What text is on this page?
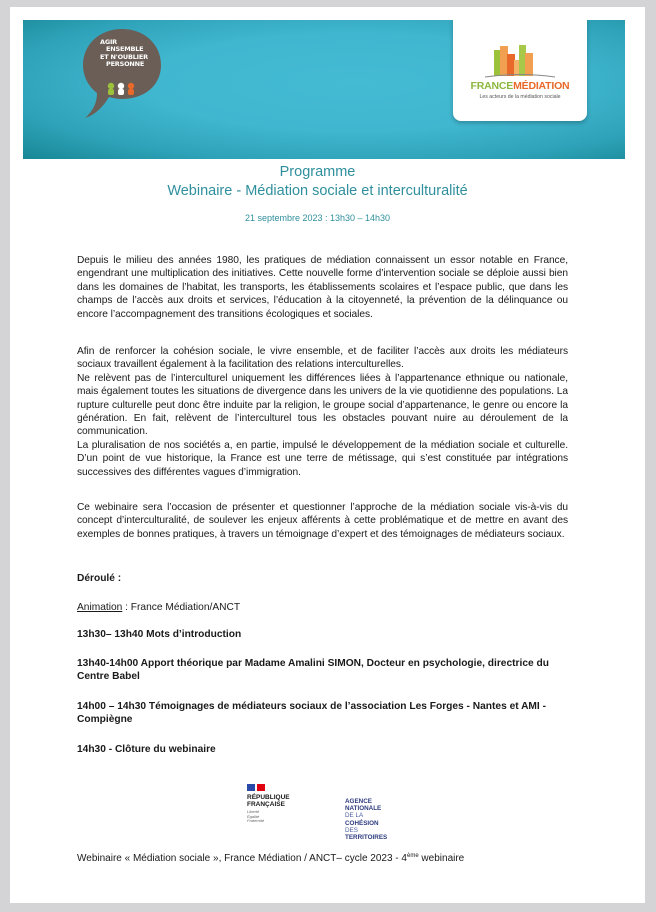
AGIR
ENSEMBLE
ET N'OUBLIER
PERSONNE
FRANCEMÉDIATION
Les acteurs de la médiation sociale
Programme
Webinaire - Médiation sociale et interculturalité
21 septembre 2023 : 13h30 – 14h30
Depuis le milieu des années 1980, les pratiques de médiation connaissent un essor notable en France, engendrant une multiplication des initiatives. Cette nouvelle forme d’intervention sociale se déploie aussi bien dans les domaines de l’habitat, les transports, les établissements scolaires et l’espace public, que dans les champs de l’accès aux droits et services, l’éducation à la citoyenneté, la prévention de la délinquance ou encore l’accompagnement des transitions écologiques et sociales.
Afin de renforcer la cohésion sociale, le vivre ensemble, et de faciliter l’accès aux droits les médiateurs sociaux travaillent également à la facilitation des relations interculturelles.
Ne relèvent pas de l’interculturel uniquement les différences liées à l’appartenance ethnique ou nationale, mais également toutes les situations de divergence dans les univers de la vie quotidienne des populations. La rupture culturelle peut donc être induite par la religion, le groupe social d’appartenance, le genre ou encore la génération. En fait, relèvent de l’interculturel tous les obstacles pouvant nuire au déroulement de la communication.
La pluralisation de nos sociétés a, en partie, impulsé le développement de la médiation sociale et culturelle. D’un point de vue historique, la France est une terre de métissage, qui s’est constituée par intégrations successives des différentes vagues d’immigration.
Ce webinaire sera l’occasion de présenter et questionner l’approche de la médiation sociale vis-à-vis du concept d’interculturalité, de soulever les enjeux afférents à cette problématique et de mettre en avant des exemples de bonnes pratiques, à travers un témoignage d’expert et des témoignages de médiateurs sociaux.
Déroulé :
Animation : France Médiation/ANCT
13h30– 13h40 Mots d’introduction
13h40-14h00 Apport théorique par Madame Amalini SIMON, Docteur en psychologie, directrice du Centre Babel
14h00 – 14h30 Témoignages de médiateurs sociaux de l’association Les Forges - Nantes et AMI - Compiègne
14h30 - Clôture du webinaire
RÉPUBLIQUE
FRANÇAISE
Liberté
Égalité
Fraternité
AGENCE
NATIONALE
DE LA COHÉSION
DES TERRITOIRES
Webinaire « Médiation sociale », France Médiation / ANCT– cycle 2023 - 4ème webinaire
